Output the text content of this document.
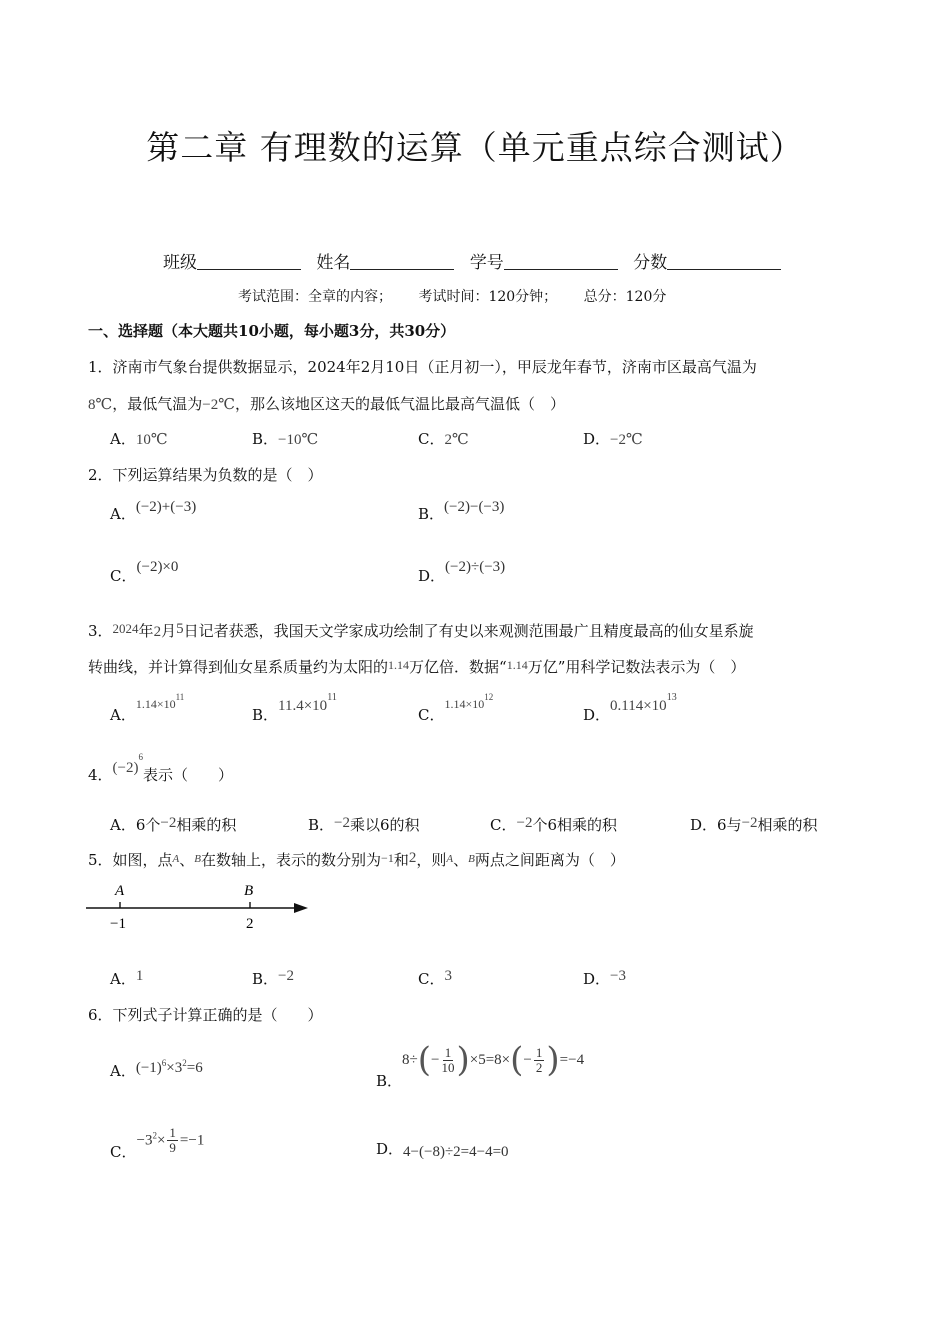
第二章 有理数的运算（单元重点综合测试）
班级	姓名	学号	分数
考试范围：全章的内容； 考试时间：120分钟； 总分：120分
一、选择题（本大题共10小题，每小题3分，共30分）
1．济南市气象台提供数据显示，2024年2月10日（正月初一），甲辰龙年春节，济南市区最高气温为
8℃，最低气温为−2℃，那么该地区这天的最低气温比最高气温低（　）
A．10℃	B．−10℃	C．2℃	D．−2℃
2．下列运算结果为负数的是（　）
A．(−2)+(−3)	B．(−2)−(−3)
C．(−2)×0	D．(−2)÷(−3)
3．2024年2月5日记者获悉，我国天文学家成功绘制了有史以来观测范围最广且精度最高的仙女星系旋
转曲线，并计算得到仙女星系质量约为太阳的$^{1.14}$万亿倍．数据“$^{1.14}$万亿”用科学记数法表示为（　）
A．$^{1.14\times 1011}$
B．$11.4\times 10^{11}$
C．$^{1.14\times 1012}$
D．$0.114\times 10^{13}$
4．$(-2)^6$表示（　　）
A．6个−2相乘的积	B．−2乘以6的积	C．−2个6相乘的积	D．6与−2相乘的积
5．如图，点$^A$、$^B$在数轴上，表示的数分别为$^{-1}$和2，则$^A$、$^B$两点之间距离为（　）
A	B
−1	2
A．1	B．−2	C．3	D．−3
6．下列式子计算正确的是（　　）
A．$(-1)^6\times 3^2=6$
B．$8\div(- \frac{1}{10} )\times 5=8\times(- \frac{1}{2} )=-4$
C．$-3^2\times \frac{1}{9} =-1$	D．4−(−8)÷2=4−4=0
